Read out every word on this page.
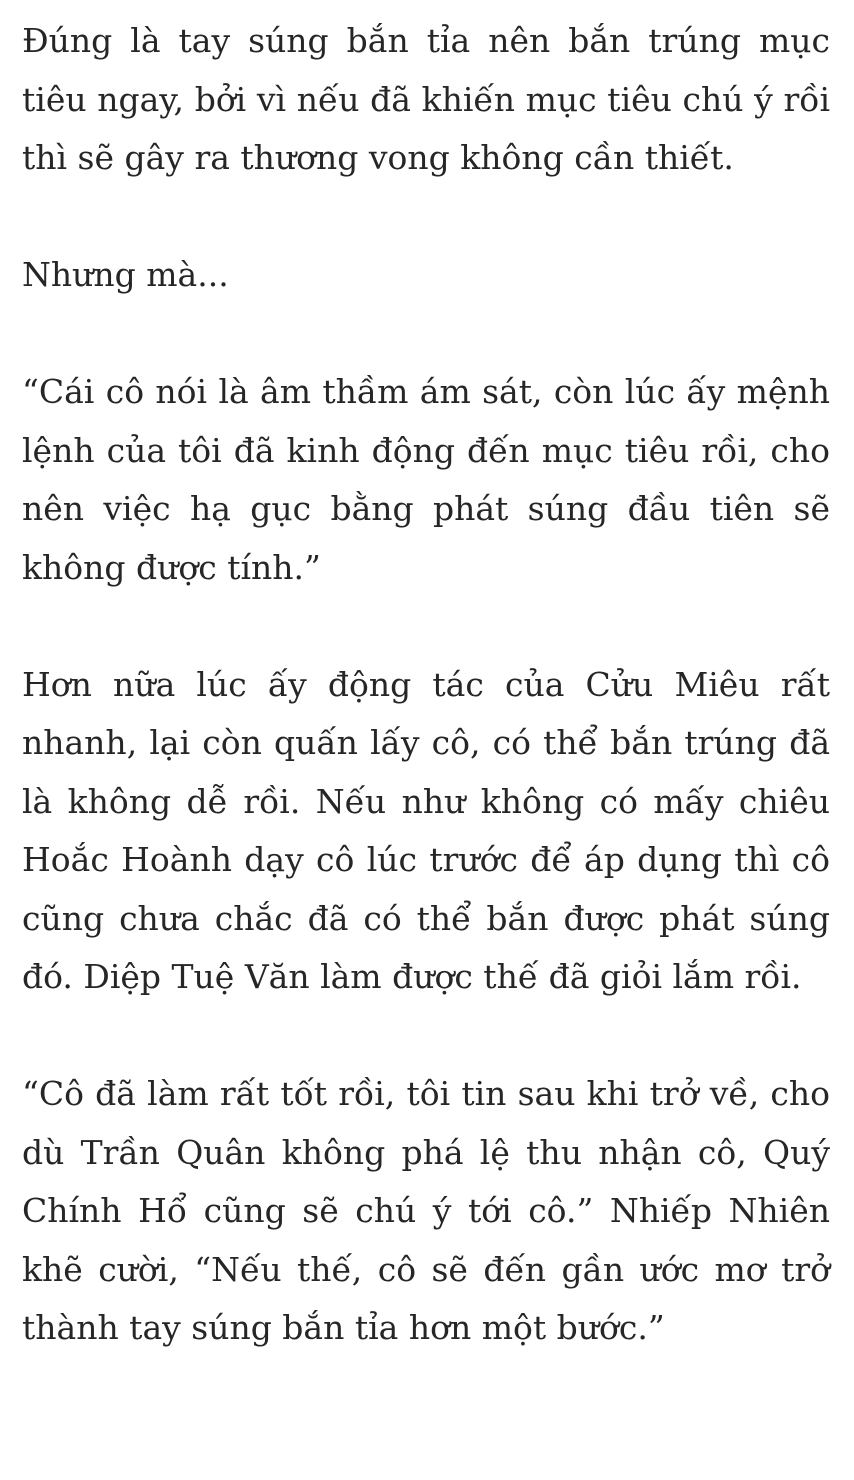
Đúng là tay súng bắn tỉa nên bắn trúng mục tiêu ngay, bởi vì nếu đã khiến mục tiêu chú ý rồi thì sẽ gây ra thương vong không cần thiết.

Nhưng mà...

“Cái cô nói là âm thầm ám sát, còn lúc ấy mệnh lệnh của tôi đã kinh động đến mục tiêu rồi, cho nên việc hạ gục bằng phát súng đầu tiên sẽ không được tính.”

Hơn nữa lúc ấy động tác của Cửu Miêu rất nhanh, lại còn quấn lấy cô, có thể bắn trúng đã là không dễ rồi. Nếu như không có mấy chiêu Hoắc Hoành dạy cô lúc trước để áp dụng thì cô cũng chưa chắc đã có thể bắn được phát súng đó. Diệp Tuệ Văn làm được thế đã giỏi lắm rồi.

“Cô đã làm rất tốt rồi, tôi tin sau khi trở về, cho dù Trần Quân không phá lệ thu nhận cô, Quý Chính Hổ cũng sẽ chú ý tới cô.” Nhiếp Nhiên khẽ cười, “Nếu thế, cô sẽ đến gần ước mơ trở thành tay súng bắn tỉa hơn một bước.”
